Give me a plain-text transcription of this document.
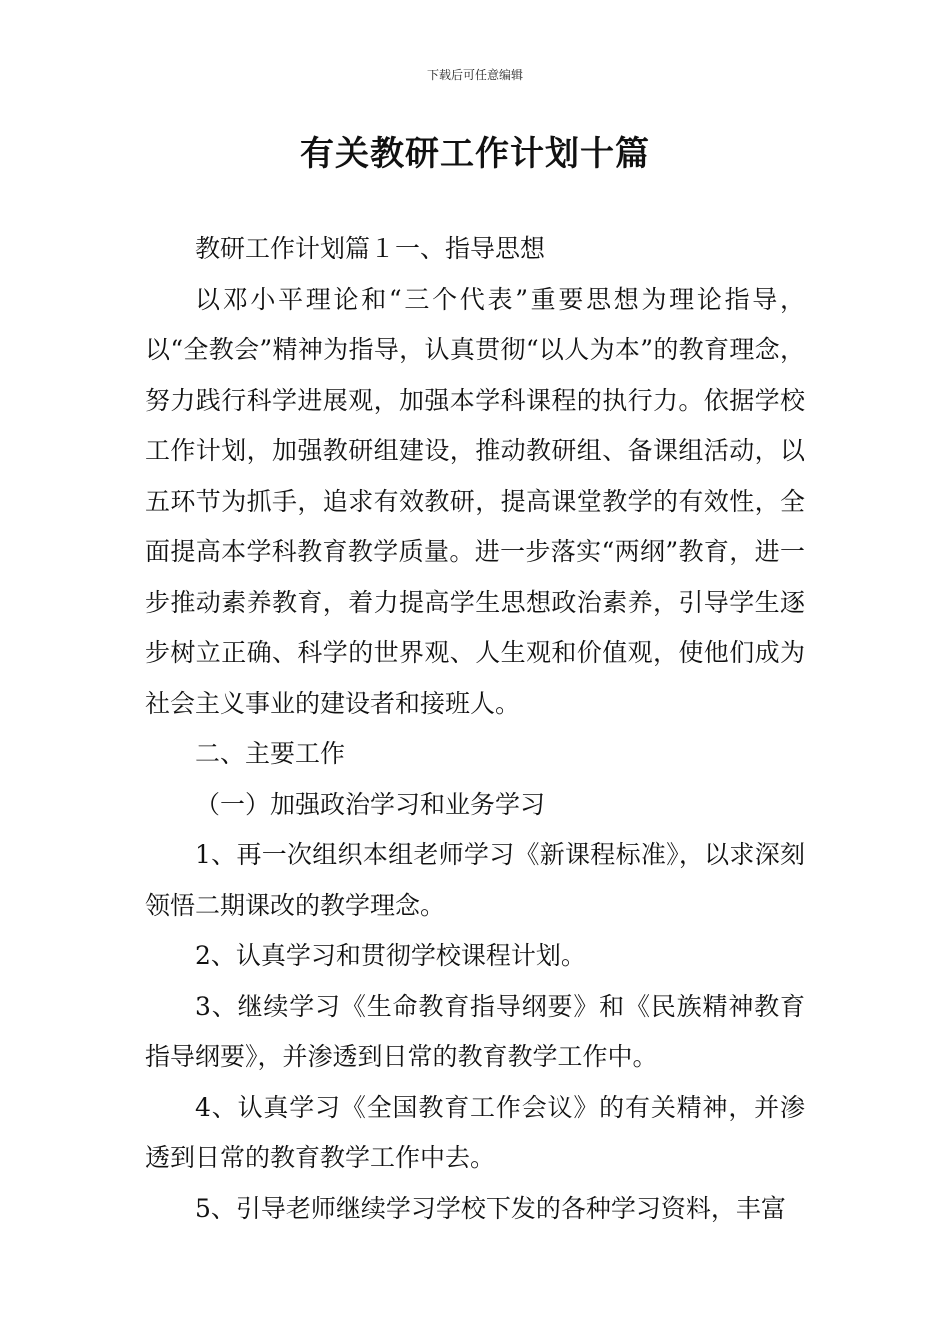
下载后可任意编辑
有关教研工作计划十篇

教研工作计划篇１一、指导思想

以邓小平理论和“三个代表”重要思想为理论指导，以“全教会”精神为指导，认真贯彻“以人为本”的教育理念，努力践行科学进展观，加强本学科课程的执行力。依据学校工作计划，加强教研组建设，推动教研组、备课组活动，以五环节为抓手，追求有效教研，提高课堂教学的有效性，全面提高本学科教育教学质量。进一步落实“两纲”教育，进一步推动素养教育，着力提高学生思想政治素养，引导学生逐步树立正确、科学的世界观、人生观和价值观，使他们成为社会主义事业的建设者和接班人。

二、主要工作

（一）加强政治学习和业务学习

1、再一次组织本组老师学习《新课程标准》，以求深刻领悟二期课改的教学理念。

2、认真学习和贯彻学校课程计划。

3、继续学习《生命教育指导纲要》和《民族精神教育指导纲要》，并渗透到日常的教育教学工作中。

4、认真学习《全国教育工作会议》的有关精神，并渗透到日常的教育教学工作中去。

5、引导老师继续学习学校下发的各种学习资料，丰富
